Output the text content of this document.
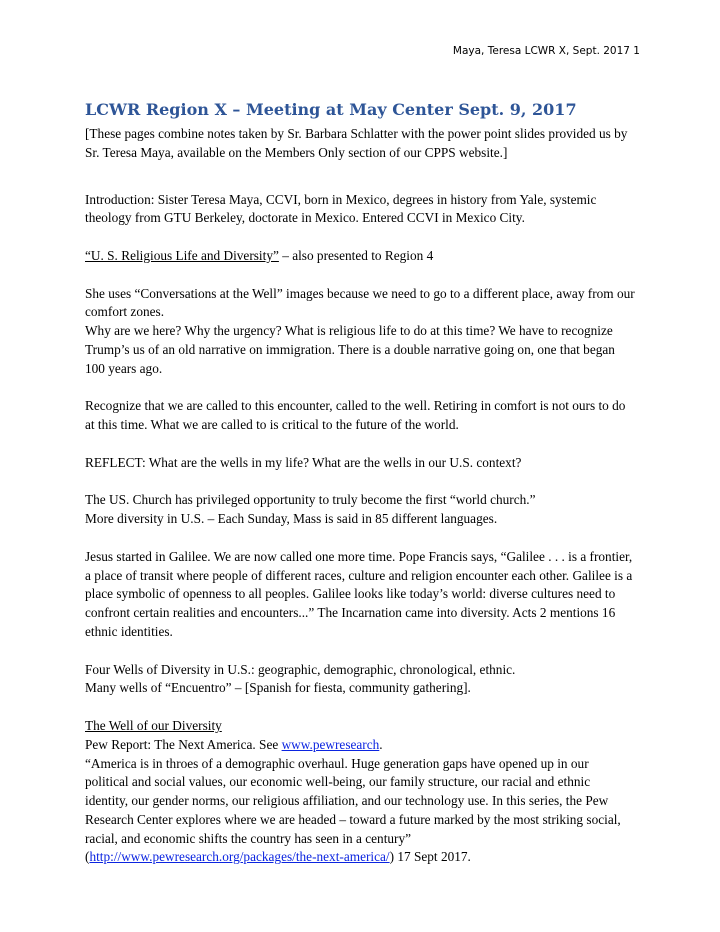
Maya, Teresa LCWR X, Sept. 2017 1
LCWR Region X – Meeting at May Center Sept. 9, 2017

[These pages combine notes taken by Sr. Barbara Schlatter with the power point slides provided us by Sr. Teresa Maya, available on the Members Only section of our CPPS website.]

Introduction: Sister Teresa Maya, CCVI, born in Mexico, degrees in history from Yale, systemic theology from GTU Berkeley, doctorate in Mexico. Entered CCVI in Mexico City.

“U. S. Religious Life and Diversity” – also presented to Region 4

She uses “Conversations at the Well” images because we need to go to a different place, away from our comfort zones.

Why are we here? Why the urgency? What is religious life to do at this time? We have to recognize Trump’s us of an old narrative on immigration. There is a double narrative going on, one that began 100 years ago.

Recognize that we are called to this encounter, called to the well. Retiring in comfort is not ours to do at this time. What we are called to is critical to the future of the world.

REFLECT: What are the wells in my life? What are the wells in our U.S. context?

The US. Church has privileged opportunity to truly become the first “world church.”

More diversity in U.S. – Each Sunday, Mass is said in 85 different languages.

Jesus started in Galilee. We are now called one more time. Pope Francis says, “Galilee . . . is a frontier, a place of transit where people of different races, culture and religion encounter each other. Galilee is a place symbolic of openness to all peoples. Galilee looks like today’s world: diverse cultures need to confront certain realities and encounters...” The Incarnation came into diversity. Acts 2 mentions 16 ethnic identities.

Four Wells of Diversity in U.S.: geographic, demographic, chronological, ethnic.

Many wells of “Encuentro” – [Spanish for fiesta, community gathering].

The Well of our Diversity

Pew Report: The Next America. See www.pewresearch.

“America is in throes of a demographic overhaul. Huge generation gaps have opened up in our political and social values, our economic well-being, our family structure, our racial and ethnic identity, our gender norms, our religious affiliation, and our technology use. In this series, the Pew Research Center explores where we are headed – toward a future marked by the most striking social, racial, and economic shifts the country has seen in a century”

(http://www.pewresearch.org/packages/the-next-america/) 17 Sept 2017.
